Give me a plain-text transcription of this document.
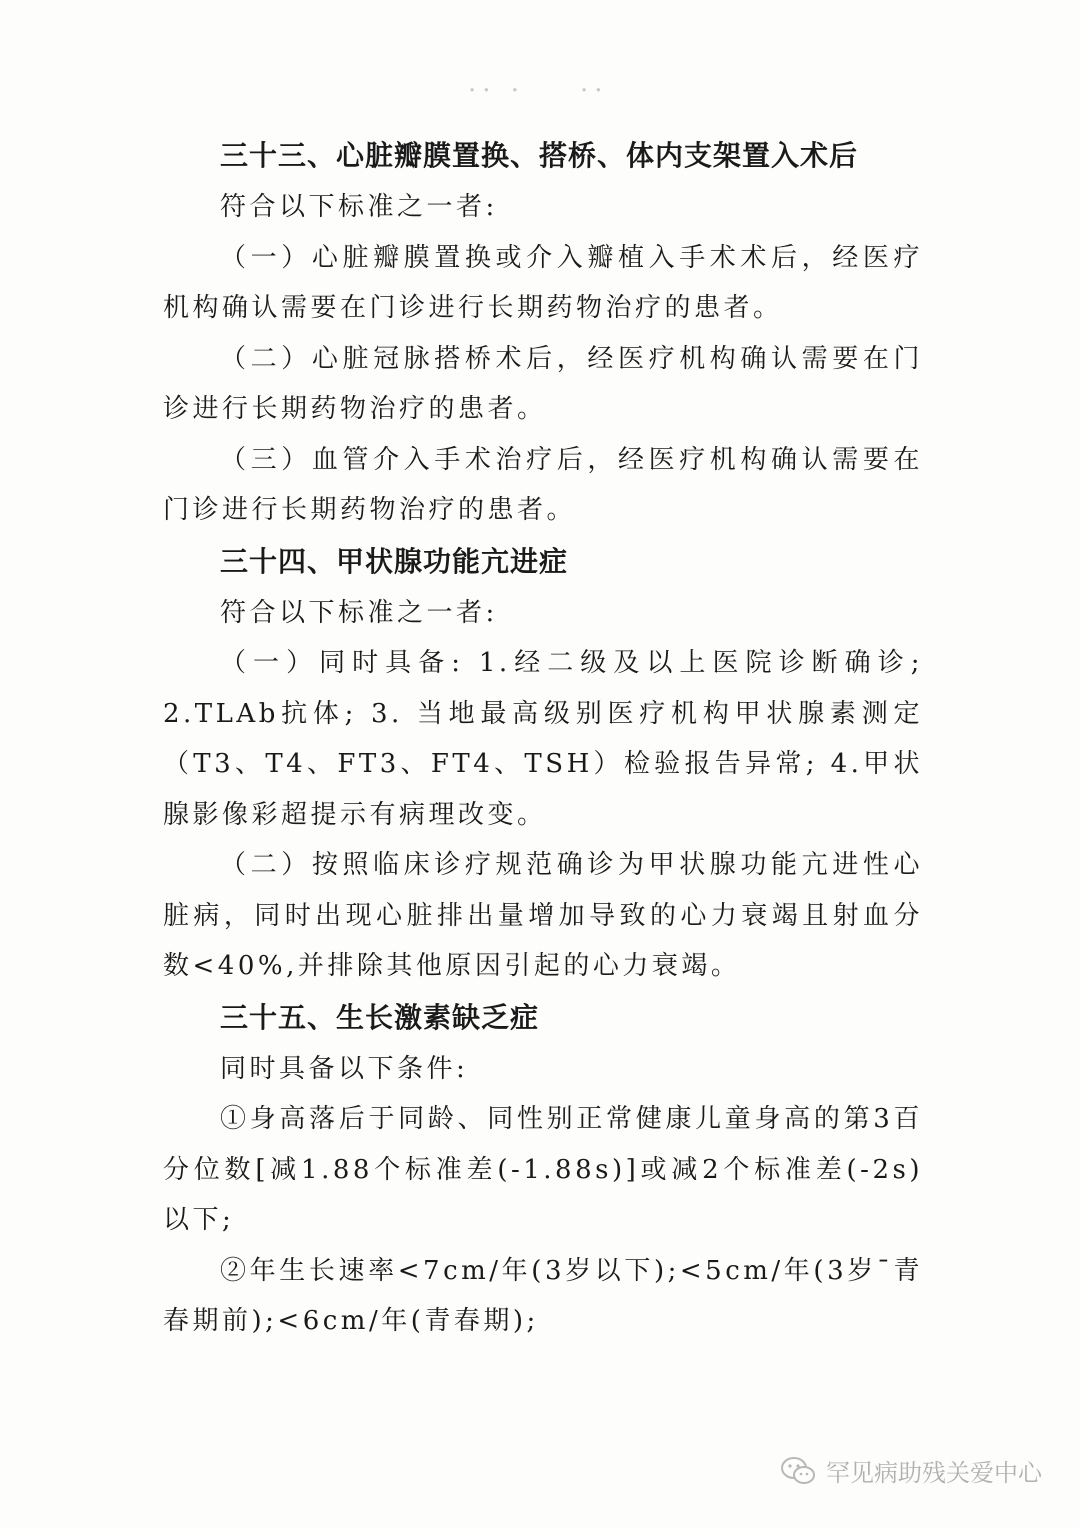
·· · ··
三十三、心脏瓣膜置换、搭桥、体内支架置入术后

符合以下标准之一者:

（一）心脏瓣膜置换或介入瓣植入手术术后，经医疗机构确认需要在门诊进行长期药物治疗的患者。

（二）心脏冠脉搭桥术后，经医疗机构确认需要在门诊进行长期药物治疗的患者。

（三）血管介入手术治疗后，经医疗机构确认需要在门诊进行长期药物治疗的患者。

三十四、甲状腺功能亢进症

符合以下标准之一者:

（一）同时具备: 1.经二级及以上医院诊断确诊; 2.TLAb抗体; 3. 当地最高级别医疗机构甲状腺素测定（T3、T4、FT3、FT4、TSH）检验报告异常; 4.甲状腺影像彩超提示有病理改变。

（二）按照临床诊疗规范确诊为甲状腺功能亢进性心脏病，同时出现心脏排出量增加导致的心力衰竭且射血分数<40%,并排除其他原因引起的心力衰竭。

三十五、生长激素缺乏症

同时具备以下条件:

①身高落后于同龄、同性别正常健康儿童身高的第3百分位数[减1.88个标准差(-1.88s)]或减2个标准差(-2s)以下;

②年生长速率<7cm/年(3岁以下);<5cm/年(3岁¯青春期前);<6cm/年(青春期);

罕见病助残关爱中心
